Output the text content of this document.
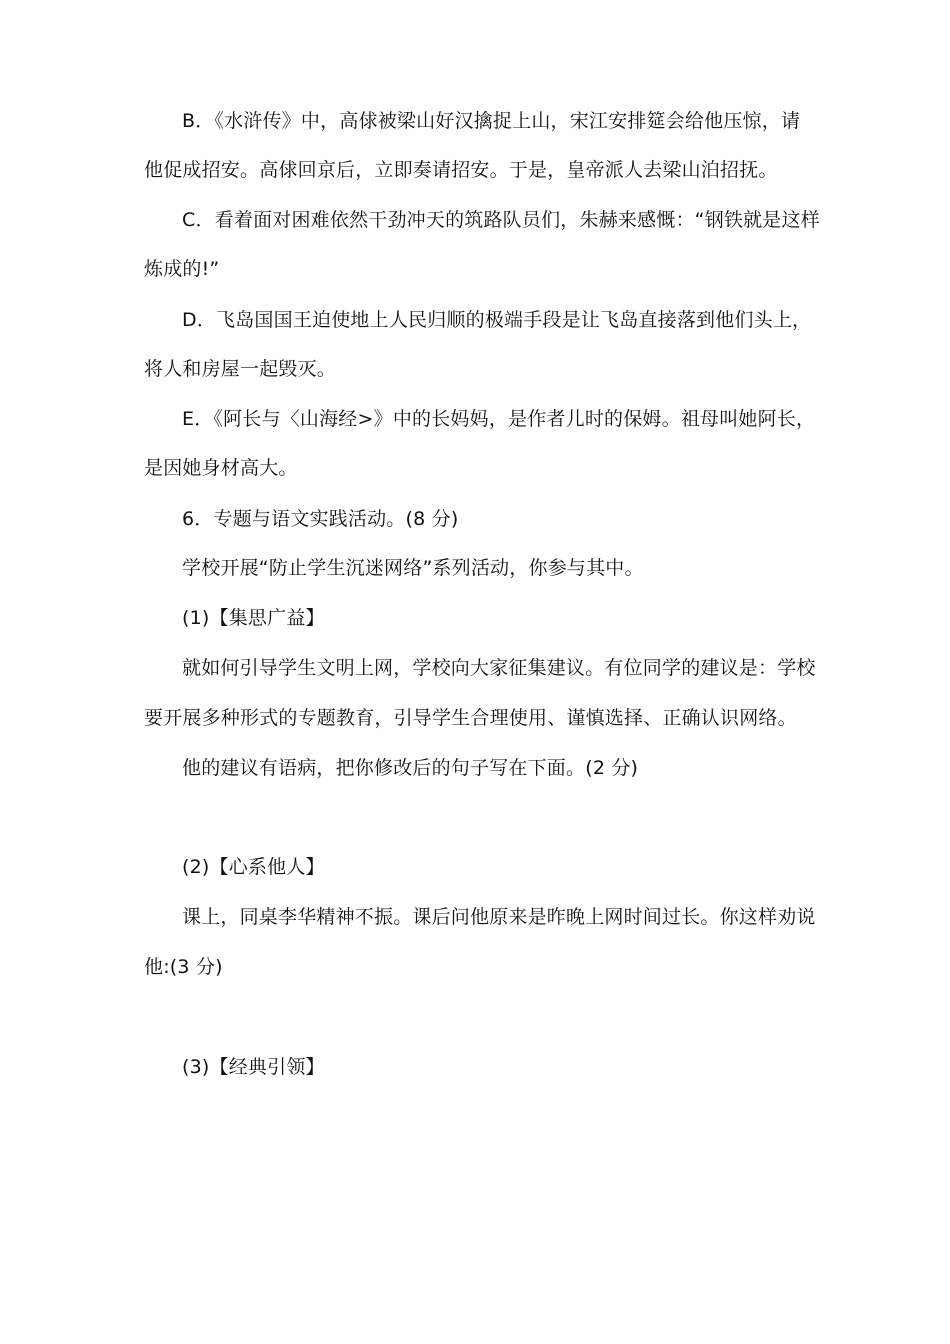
B．《水浒传》中，高俅被梁山好汉擒捉上山，宋江安排筵会给他压惊，请
他促成招安。高俅回京后，立即奏请招安。于是，皇帝派人去梁山泊招抚。
C．看着面对困难依然干劲冲天的筑路队员们，朱赫来感慨：“钢铁就是这样
炼成的!”
D．飞岛国国王迫使地上人民归顺的极端手段是让飞岛直接落到他们头上，
将人和房屋一起毁灭。
E．《阿长与〈山海经>》中的长妈妈，是作者儿时的保姆。祖母叫她阿长，
是因她身材高大。
6．专题与语文实践活动。(8 分)
学校开展“防止学生沉迷网络”系列活动，你参与其中。
(1)【集思广益】
就如何引导学生文明上网，学校向大家征集建议。有位同学的建议是：学校
要开展多种形式的专题教育，引导学生合理使用、谨慎选择、正确认识网络。
他的建议有语病，把你修改后的句子写在下面。(2 分)
(2)【心系他人】
课上，同桌李华精神不振。课后问他原来是昨晚上网时间过长。你这样劝说
他:(3 分)
(3)【经典引领】
